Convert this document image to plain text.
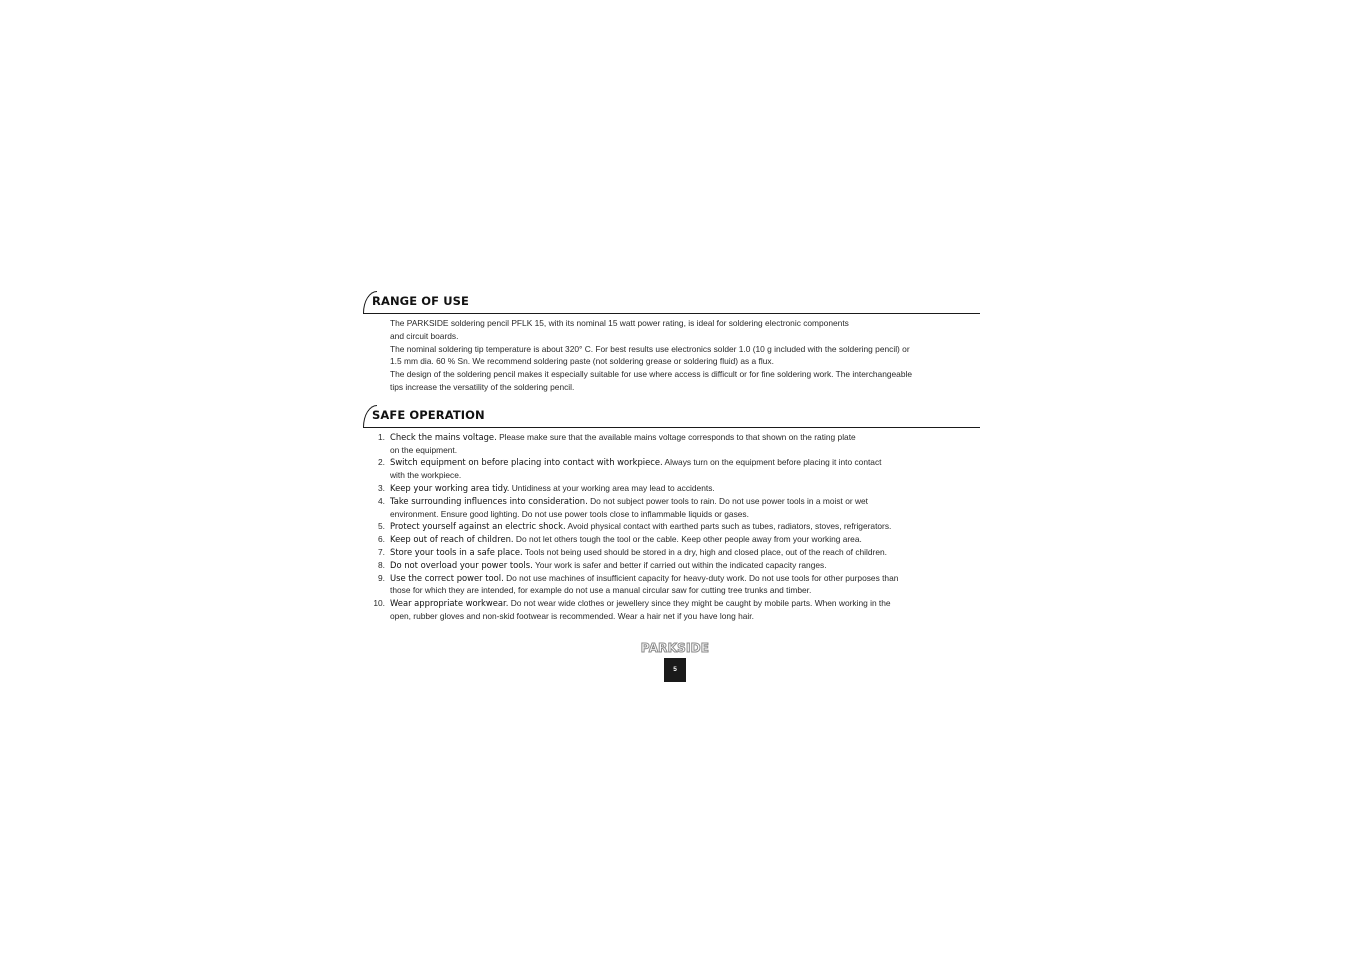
RANGE OF USE

The PARKSIDE soldering pencil PFLK 15, with its nominal 15 watt power rating, is ideal for soldering electronic components

and circuit boards.

The nominal soldering tip temperature is about 320° C. For best results use electronics solder 1.0 (10 g included with the soldering pencil) or

1.5 mm dia. 60 % Sn. We recommend soldering paste (not soldering grease or soldering fluid) as a flux.

The design of the soldering pencil makes it especially suitable for use where access is difficult or for fine soldering work. The interchangeable

tips increase the versatility of the soldering pencil.

SAFE OPERATION
1. Check the mains voltage. Please make sure that the available mains voltage corresponds to that shown on the rating plate
on the equipment.
2. Switch equipment on before placing into contact with workpiece. Always turn on the equipment before placing it into contact
with the workpiece.
3. Keep your working area tidy. Untidiness at your working area may lead to accidents.
4. Take surrounding influences into consideration. Do not subject power tools to rain. Do not use power tools in a moist or wet
environment. Ensure good lighting. Do not use power tools close to inflammable liquids or gases.
5. Protect yourself against an electric shock. Avoid physical contact with earthed parts such as tubes, radiators, stoves, refrigerators.
6. Keep out of reach of children. Do not let others tough the tool or the cable. Keep other people away from your working area.
7. Store your tools in a safe place. Tools not being used should be stored in a dry, high and closed place, out of the reach of children.
8. Do not overload your power tools. Your work is safer and better if carried out within the indicated capacity ranges.
9. Use the correct power tool. Do not use machines of insufficient capacity for heavy-duty work. Do not use tools for other purposes than
those for which they are intended, for example do not use a manual circular saw for cutting tree trunks and timber.
10. Wear appropriate workwear. Do not wear wide clothes or jewellery since they might be caught by mobile parts. When working in the
open, rubber gloves and non-skid footwear is recommended. Wear a hair net if you have long hair.
PARKSIDE
5
